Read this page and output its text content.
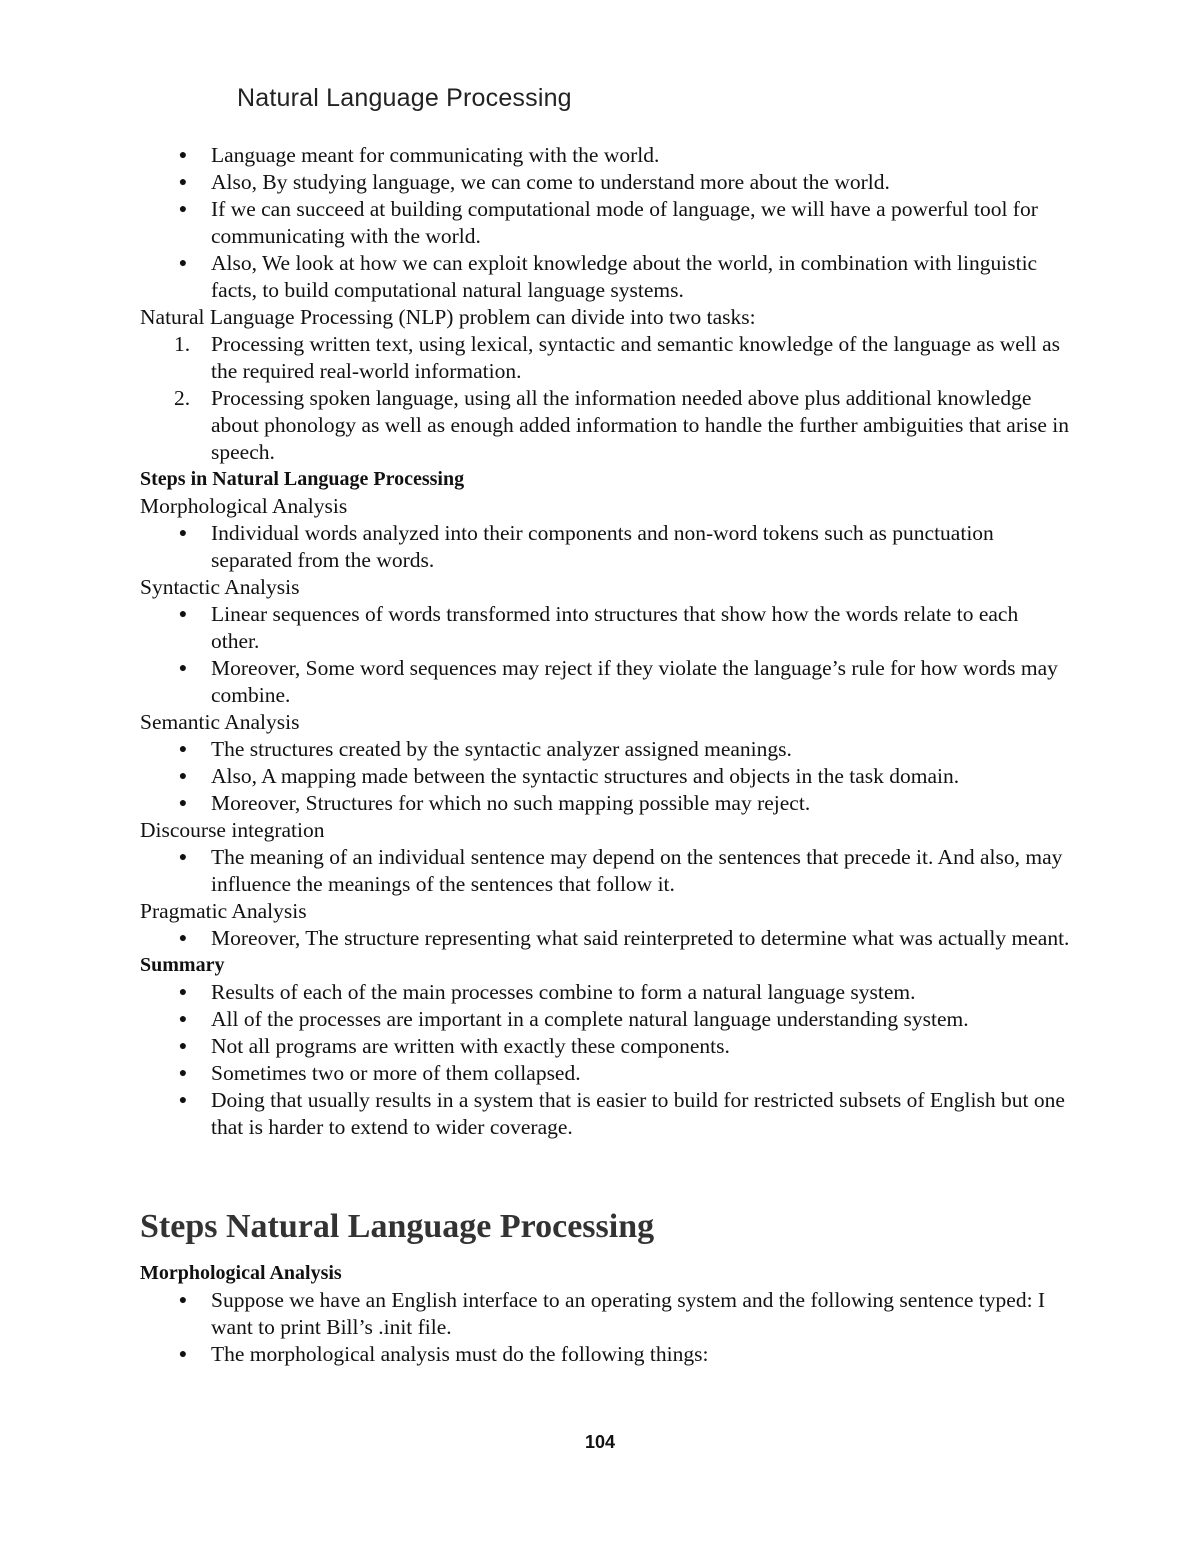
Natural Language Processing
● Language meant for communicating with the world.
● Also, By studying language, we can come to understand more about the world.
● If we can succeed at building computational mode of language, we will have a powerful tool for communicating with the world.
● Also, We look at how we can exploit knowledge about the world, in combination with linguistic facts, to build computational natural language systems.

Natural Language Processing (NLP) problem can divide into two tasks:

1. Processing written text, using lexical, syntactic and semantic knowledge of the language as well as the required real-world information.
2. Processing spoken language, using all the information needed above plus additional knowledge about phonology as well as enough added information to handle the further ambiguities that arise in speech.

Steps in Natural Language Processing

Morphological Analysis

● Individual words analyzed into their components and non-word tokens such as punctuation separated from the words.

Syntactic Analysis

● Linear sequences of words transformed into structures that show how the words relate to each other.
● Moreover, Some word sequences may reject if they violate the language’s rule for how words may combine.

Semantic Analysis

● The structures created by the syntactic analyzer assigned meanings.
● Also, A mapping made between the syntactic structures and objects in the task domain.
● Moreover, Structures for which no such mapping possible may reject.

Discourse integration

● The meaning of an individual sentence may depend on the sentences that precede it. And also, may influence the meanings of the sentences that follow it.

Pragmatic Analysis

● Moreover, The structure representing what said reinterpreted to determine what was actually meant.

Summary

● Results of each of the main processes combine to form a natural language system.
● All of the processes are important in a complete natural language understanding system.
● Not all programs are written with exactly these components.
● Sometimes two or more of them collapsed.
● Doing that usually results in a system that is easier to build for restricted subsets of English but one that is harder to extend to wider coverage.
Steps Natural Language Processing

Morphological Analysis

● Suppose we have an English interface to an operating system and the following sentence typed: I want to print Bill’s .init file.
● The morphological analysis must do the following things:
104
